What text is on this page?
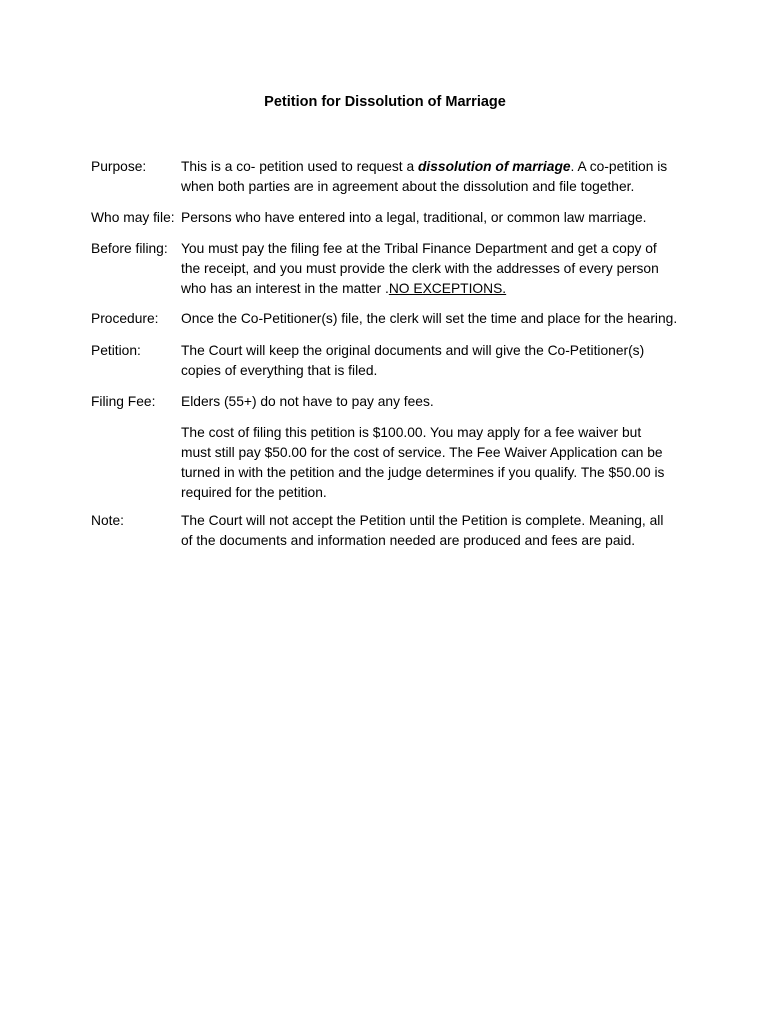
Petition for Dissolution of Marriage
Purpose:	This is a co- petition used to request a dissolution of marriage. A co-petition is
when both parties are in agreement about the dissolution and file together.
Who may file: Persons who have entered into a legal, traditional, or common law marriage.
Before filing: You must pay the filing fee at the Tribal Finance Department and get a copy of
the receipt, and you must provide the clerk with the addresses of every person
who has an interest in the matter .NO EXCEPTIONS.
Procedure: Once the Co-Petitioner(s) file, the clerk will set the time and place for the hearing.
Petition:	The Court will keep the original documents and will give the Co-Petitioner(s)
copies of everything that is filed.
Filing Fee: Elders (55+) do not have to pay any fees.
The cost of filing this petition is $100.00. You may apply for a fee waiver but
must still pay $50.00 for the cost of service. The Fee Waiver Application can be
turned in with the petition and the judge determines if you qualify. The $50.00 is
required for the petition.
Note:	The Court will not accept the Petition until the Petition is complete. Meaning, all
of the documents and information needed are produced and fees are paid.
